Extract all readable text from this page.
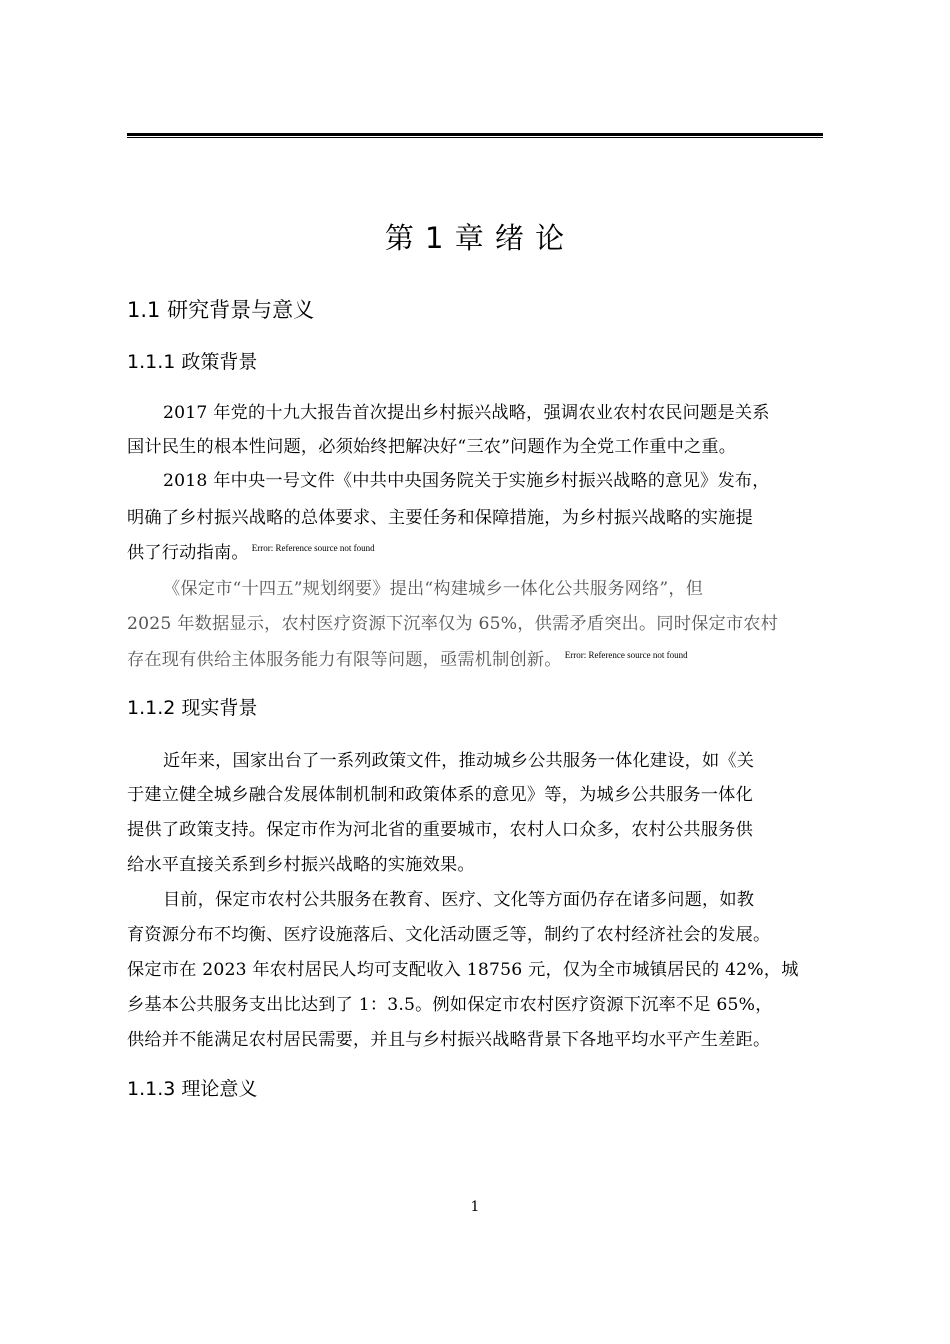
第 1 章 绪 论
1.1 研究背景与意义
1.1.1 政策背景
2017 年党的十九大报告首次提出乡村振兴战略，强调农业农村农民问题是关系
国计民生的根本性问题，必须始终把解决好“三农”问题作为全党工作重中之重。
2018 年中央一号文件《中共中央国务院关于实施乡村振兴战略的意见》发布，
明确了乡村振兴战略的总体要求、主要任务和保障措施，为乡村振兴战略的实施提
供了行动指南。 $^{Error: Reference source not found}$
《保定市“十四五”规划纲要》提出“构建城乡一体化公共服务网络”，但
2025 年数据显示，农村医疗资源下沉率仅为 65%，供需矛盾突出。同时保定市农村
存在现有供给主体服务能力有限等问题，亟需机制创新。 $^{Error: Reference source not found}$
1.1.2 现实背景
近年来，国家出台了一系列政策文件，推动城乡公共服务一体化建设，如《关
于建立健全城乡融合发展体制机制和政策体系的意见》等，为城乡公共服务一体化
提供了政策支持。保定市作为河北省的重要城市，农村人口众多，农村公共服务供
给水平直接关系到乡村振兴战略的实施效果。
目前，保定市农村公共服务在教育、医疗、文化等方面仍存在诸多问题，如教
育资源分布不均衡、医疗设施落后、文化活动匮乏等，制约了农村经济社会的发展。
保定市在 2023 年农村居民人均可支配收入 18756 元，仅为全市城镇居民的 42%，城
乡基本公共服务支出比达到了 1：3.5。例如保定市农村医疗资源下沉率不足 65%，
供给并不能满足农村居民需要，并且与乡村振兴战略背景下各地平均水平产生差距。
1.1.3 理论意义
1
